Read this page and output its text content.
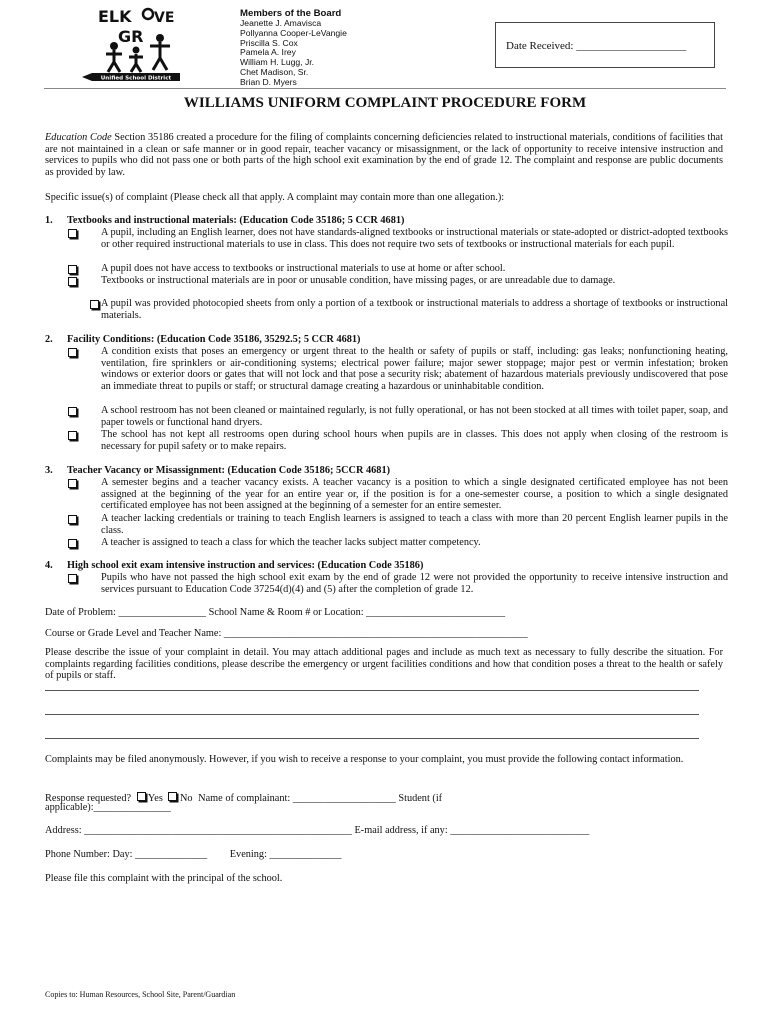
ELK
GR
VE
Unified School District
Members of the Board
Jeanette J. Amavisca
Pollyanna Cooper-LeVangie
Priscilla S. Cox
Pamela A. Irey
William H. Lugg, Jr.
Chet Madison, Sr.
Brian D. Myers
Date Received: ____________________
WILLIAMS UNIFORM COMPLAINT PROCEDURE FORM
Education Code Section 35186 created a procedure for the filing of complaints concerning deficiencies related to instructional materials, conditions of facilities that are not maintained in a clean or safe manner or in good repair, teacher vacancy or misassignment, or the lack of opportunity to receive intensive instruction and services to pupils who did not pass one or both parts of the high school exit examination by the end of grade 12. The complaint and response are public documents as provided by law.
Specific issue(s) of complaint (Please check all that apply. A complaint may contain more than one allegation.):
1. Textbooks and instructional materials: (Education Code 35186; 5 CCR 4681)
A pupil, including an English learner, does not have standards-aligned textbooks or instructional materials or state-adopted or district-adopted textbooks or other required instructional materials to use in class. This does not require two sets of textbooks or instructional materials for each pupil.
A pupil does not have access to textbooks or instructional materials to use at home or after school.
Textbooks or instructional materials are in poor or unusable condition, have missing pages, or are unreadable due to damage.
A pupil was provided photocopied sheets from only a portion of a textbook or instructional materials to address a shortage of textbooks or instructional materials.
2. Facility Conditions: (Education Code 35186, 35292.5; 5 CCR 4681)
A condition exists that poses an emergency or urgent threat to the health or safety of pupils or staff, including: gas leaks; nonfunctioning heating, ventilation, fire sprinklers or air-conditioning systems; electrical power failure; major sewer stoppage; major pest or vermin infestation; broken windows or exterior doors or gates that will not lock and that pose a security risk; abatement of hazardous materials previously undiscovered that pose an immediate threat to pupils or staff; or structural damage creating a hazardous or uninhabitable condition.
A school restroom has not been cleaned or maintained regularly, is not fully operational, or has not been stocked at all times with toilet paper, soap, and paper towels or functional hand dryers.
The school has not kept all restrooms open during school hours when pupils are in classes. This does not apply when closing of the restroom is necessary for pupil safety or to make repairs.
3. Teacher Vacancy or Misassignment: (Education Code 35186; 5CCR 4681)
A semester begins and a teacher vacancy exists. A teacher vacancy is a position to which a single designated certificated employee has not been assigned at the beginning of the year for an entire year or, if the position is for a one-semester course, a position to which a single designated certificated employee has not been assigned at the beginning of a semester for an entire semester.
A teacher lacking credentials or training to teach English learners is assigned to teach a class with more than 20 percent English learner pupils in the class.
A teacher is assigned to teach a class for which the teacher lacks subject matter competency.
4. High school exit exam intensive instruction and services: (Education Code 35186)
Pupils who have not passed the high school exit exam by the end of grade 12 were not provided the opportunity to receive intensive instruction and services pursuant to Education Code 37254(d)(4) and (5) after the completion of grade 12.
Date of Problem: _________________ School Name & Room # or Location: ___________________________
Course or Grade Level and Teacher Name: ___________________________________________________________
Please describe the issue of your complaint in detail. You may attach additional pages and include as much text as necessary to fully describe the situation. For complaints regarding facilities conditions, please describe the emergency or urgent facilities conditions and how that condition poses a threat to the health or safely of pupils or staff.
Complaints may be filed anonymously. However, if you wish to receive a response to your complaint, you must provide the following contact information.
Response requested? Yes No Name of complainant: ____________________ Student (if
applicable):_______________
Address: ____________________________________________________ E-mail address, if any: ___________________________
Phone Number: Day: ______________ Evening: ______________
Please file this complaint with the principal of the school.
Copies to: Human Resources, School Site, Parent/Guardian
